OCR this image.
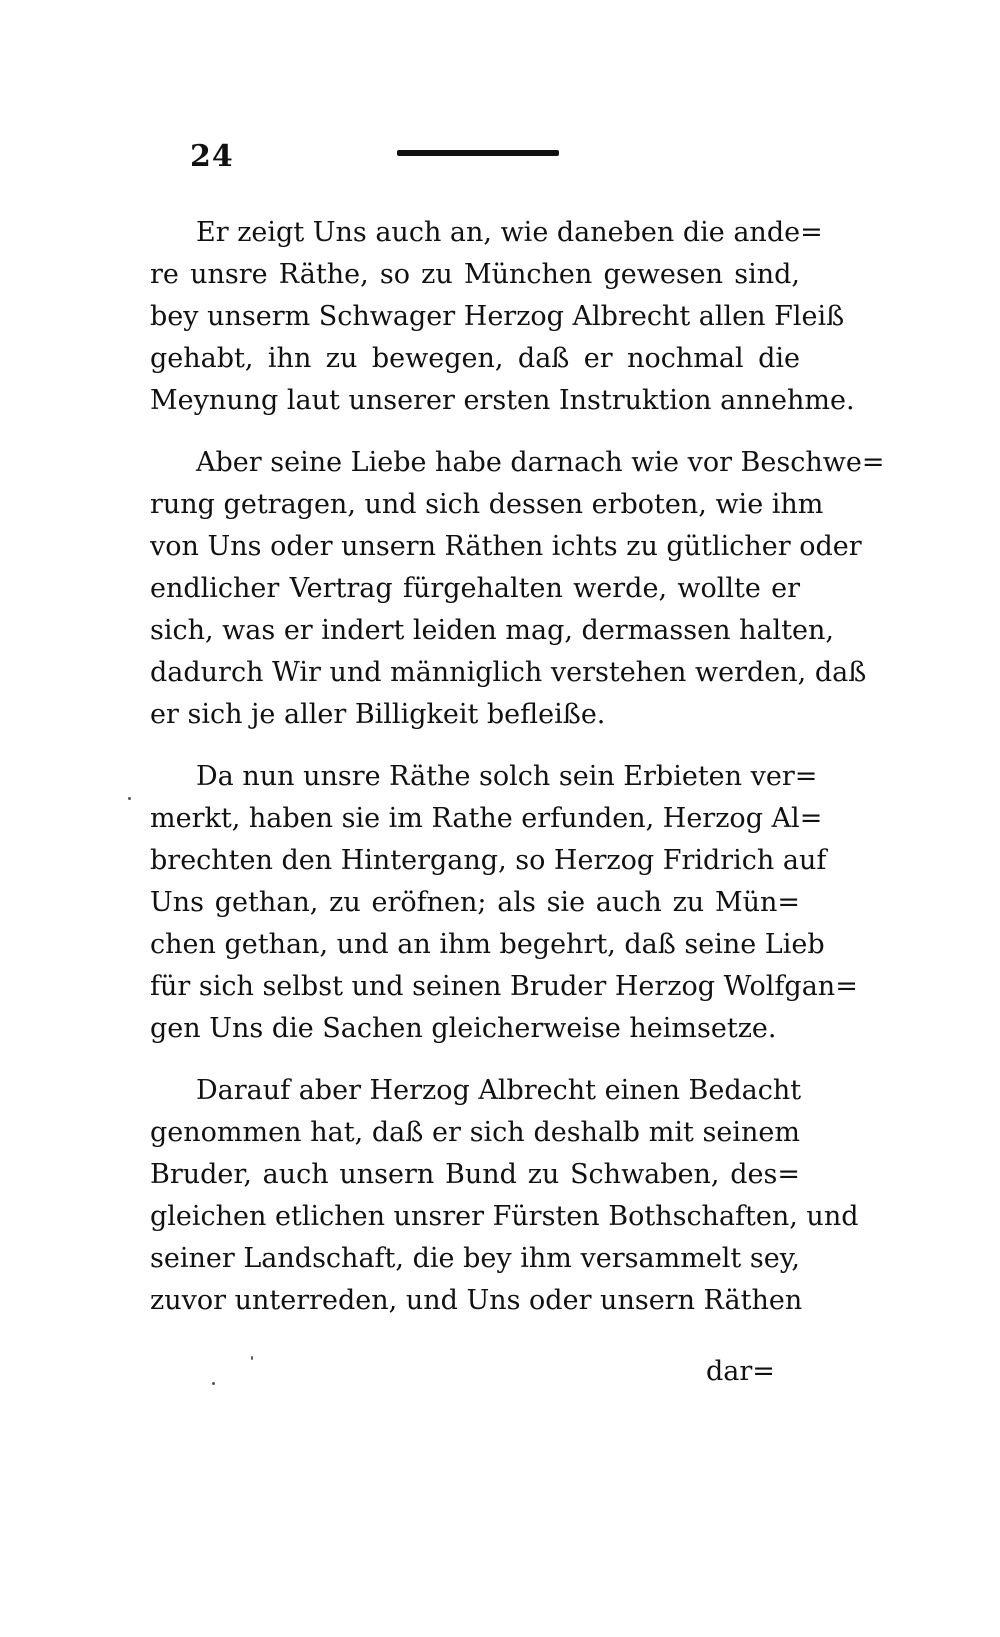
24
Er zeigt Uns auch an, wie daneben die ande=
re unsre Räthe, so zu München gewesen sind,
bey unserm Schwager Herzog Albrecht allen Fleiß
gehabt, ihn zu bewegen, daß er nochmal die
Meynung laut unserer ersten Instruktion annehme.
Aber seine Liebe habe darnach wie vor Beschwe=
rung getragen, und sich dessen erboten, wie ihm
von Uns oder unsern Räthen ichts zu gütlicher oder
endlicher Vertrag fürgehalten werde, wollte er
sich, was er indert leiden mag, dermassen halten,
dadurch Wir und männiglich verstehen werden, daß
er sich je aller Billigkeit befleiße.
Da nun unsre Räthe solch sein Erbieten ver=
merkt, haben sie im Rathe erfunden, Herzog Al=
brechten den Hintergang, so Herzog Fridrich auf
Uns gethan, zu eröfnen; als sie auch zu Mün=
chen gethan, und an ihm begehrt, daß seine Lieb
für sich selbst und seinen Bruder Herzog Wolfgan=
gen Uns die Sachen gleicherweise heimsetze.
Darauf aber Herzog Albrecht einen Bedacht
genommen hat, daß er sich deshalb mit seinem
Bruder, auch unsern Bund zu Schwaben, des=
gleichen etlichen unsrer Fürsten Bothschaften, und
seiner Landschaft, die bey ihm versammelt sey,
zuvor unterreden, und Uns oder unsern Räthen
dar=
